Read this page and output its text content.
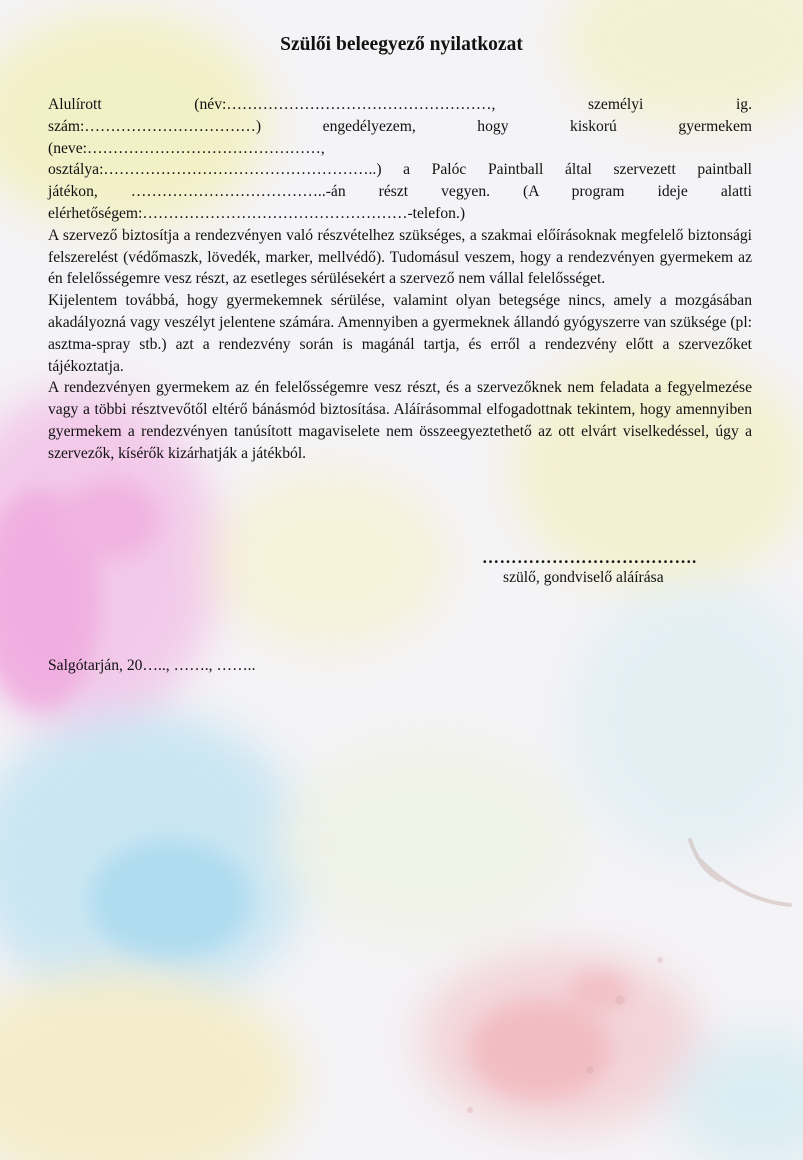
Szülői beleegyező nyilatkozat
Alulírott (név:……………………………………………, személyi ig.
szám:……………………………) engedélyezem, hogy kiskorú gyermekem
(neve:………………………………………,
osztálya:……………………………………………..) a Palóc Paintball által szervezett paintball
játékon, ………………………………..-án részt vegyen. (A program ideje alatti
elérhetőségem:……………………………………………-telefon.)

A szervező biztosítja a rendezvényen való részvételhez szükséges, a szakmai előírásoknak megfelelő biztonsági felszerelést (védőmaszk, lövedék, marker, mellvédő). Tudomásul veszem, hogy a rendezvényen gyermekem az én felelősségemre vesz részt, az esetleges sérülésekért a szervező nem vállal felelősséget.

Kijelentem továbbá, hogy gyermekemnek sérülése, valamint olyan betegsége nincs, amely a mozgásában akadályozná vagy veszélyt jelentene számára. Amennyiben a gyermeknek állandó gyógyszerre van szüksége (pl: asztma-spray stb.) azt a rendezvény során is magánál tartja, és erről a rendezvény előtt a szervezőket tájékoztatja.

A rendezvényen gyermekem az én felelősségemre vesz részt, és a szervezőknek nem feladata a fegyelmezése vagy a többi résztvevőtől eltérő bánásmód biztosítása. Aláírásommal elfogadottnak tekintem, hogy amennyiben gyermekem a rendezvényen tanúsított magaviselete nem összeegyeztethető az ott elvárt viselkedéssel, úgy a szervezők, kísérők kizárhatják a játékból.

……………………………….
szülő, gondviselő aláírása
Salgótarján, 20….., ……., ……..
